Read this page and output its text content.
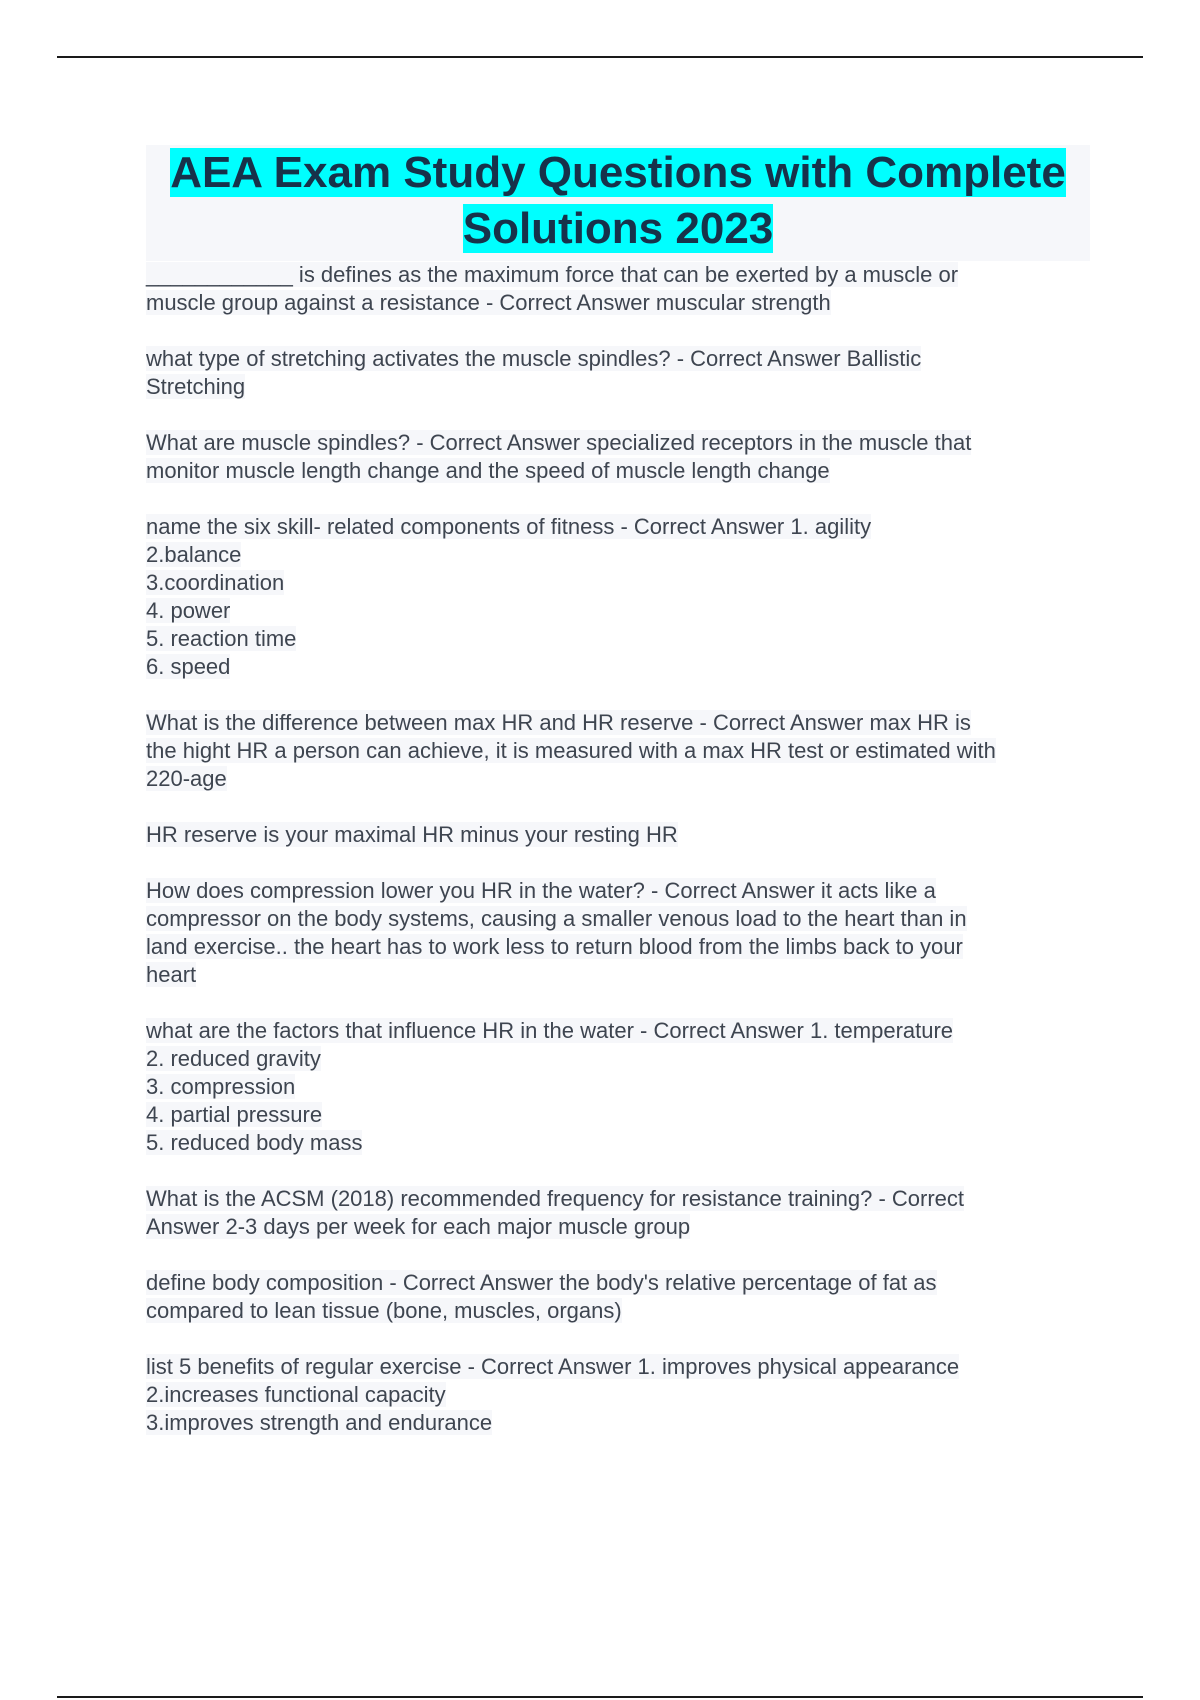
AEA Exam Study Questions with Complete Solutions 2023
____________ is defines as the maximum force that can be exerted by a muscle or
muscle group against a resistance - Correct Answer muscular strength
what type of stretching activates the muscle spindles? - Correct Answer Ballistic
Stretching
What are muscle spindles? - Correct Answer specialized receptors in the muscle that
monitor muscle length change and the speed of muscle length change
name the six skill- related components of fitness - Correct Answer 1. agility
2.balance
3.coordination
4. power
5. reaction time
6. speed
What is the difference between max HR and HR reserve - Correct Answer max HR is
the hight HR a person can achieve, it is measured with a max HR test or estimated with
220-age
HR reserve is your maximal HR minus your resting HR
How does compression lower you HR in the water? - Correct Answer it acts like a
compressor on the body systems, causing a smaller venous load to the heart than in
land exercise.. the heart has to work less to return blood from the limbs back to your
heart
what are the factors that influence HR in the water - Correct Answer 1. temperature
2. reduced gravity
3. compression
4. partial pressure
5. reduced body mass
What is the ACSM (2018) recommended frequency for resistance training? - Correct
Answer 2-3 days per week for each major muscle group
define body composition - Correct Answer the body's relative percentage of fat as
compared to lean tissue (bone, muscles, organs)
list 5 benefits of regular exercise - Correct Answer 1. improves physical appearance
2.increases functional capacity
3.improves strength and endurance
